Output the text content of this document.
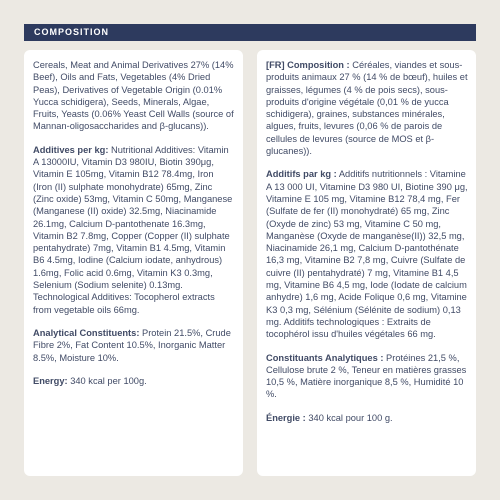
COMPOSITION

Cereals, Meat and Animal Derivatives 27% (14% Beef), Oils and Fats, Vegetables (4% Dried Peas), Derivatives of Vegetable Origin (0.01% Yucca schidigera), Seeds, Minerals, Algae, Fruits, Yeasts (0.06% Yeast Cell Walls (source of Mannan-oligosaccharides and β-glucans)).

Additives per kg: Nutritional Additives: Vitamin A 13000IU, Vitamin D3 980IU, Biotin 390μg, Vitamin E 105mg, Vitamin B12 78.4mg, Iron (Iron (II) sulphate monohydrate) 65mg, Zinc (Zinc oxide) 53mg, Vitamin C 50mg, Manganese (Manganese (II) oxide) 32.5mg, Niacinamide 26.1mg, Calcium D-pantothenate 16.3mg, Vitamin B2 7.8mg, Copper (Copper (II) sulphate pentahydrate) 7mg, Vitamin B1 4.5mg, Vitamin B6 4.5mg, Iodine (Calcium iodate, anhydrous) 1.6mg, Folic acid 0.6mg, Vitamin K3 0.3mg, Selenium (Sodium selenite) 0.13mg. Technological Additives: Tocopherol extracts from vegetable oils 66mg.

Analytical Constituents: Protein 21.5%, Crude Fibre 2%, Fat Content 10.5%, Inorganic Matter 8.5%, Moisture 10%.

Energy: 340 kcal per 100g.

[FR] Composition : Céréales, viandes et sous-produits animaux 27 % (14 % de bœuf), huiles et graisses, légumes (4 % de pois secs), sous-produits d'origine végétale (0,01 % de yucca schidigera), graines, substances minérales, algues, fruits, levures (0,06 % de parois de cellules de levures (source de MOS et β-glucanes)).

Additifs par kg : Additifs nutritionnels : Vitamine A 13 000 UI, Vitamine D3 980 UI, Biotine 390 μg, Vitamine E 105 mg, Vitamine B12 78,4 mg, Fer (Sulfate de fer (II) monohydraté) 65 mg, Zinc (Oxyde de zinc) 53 mg, Vitamine C 50 mg, Manganèse (Oxyde de manganèse(II)) 32,5 mg, Niacinamide 26,1 mg, Calcium D-pantothénate 16,3 mg, Vitamine B2 7,8 mg, Cuivre (Sulfate de cuivre (II) pentahydraté) 7 mg, Vitamine B1 4,5 mg, Vitamine B6 4,5 mg, Iode (Iodate de calcium anhydre) 1,6 mg, Acide Folique 0,6 mg, Vitamine K3 0,3 mg, Sélénium (Sélénite de sodium) 0,13 mg. Additifs technologiques : Extraits de tocophérol issu d'huiles végétales 66 mg.

Constituants Analytiques : Protéines 21,5 %, Cellulose brute 2 %, Teneur en matières grasses 10,5 %, Matière inorganique 8,5 %, Humidité 10 %.

Énergie : 340 kcal pour 100 g.
